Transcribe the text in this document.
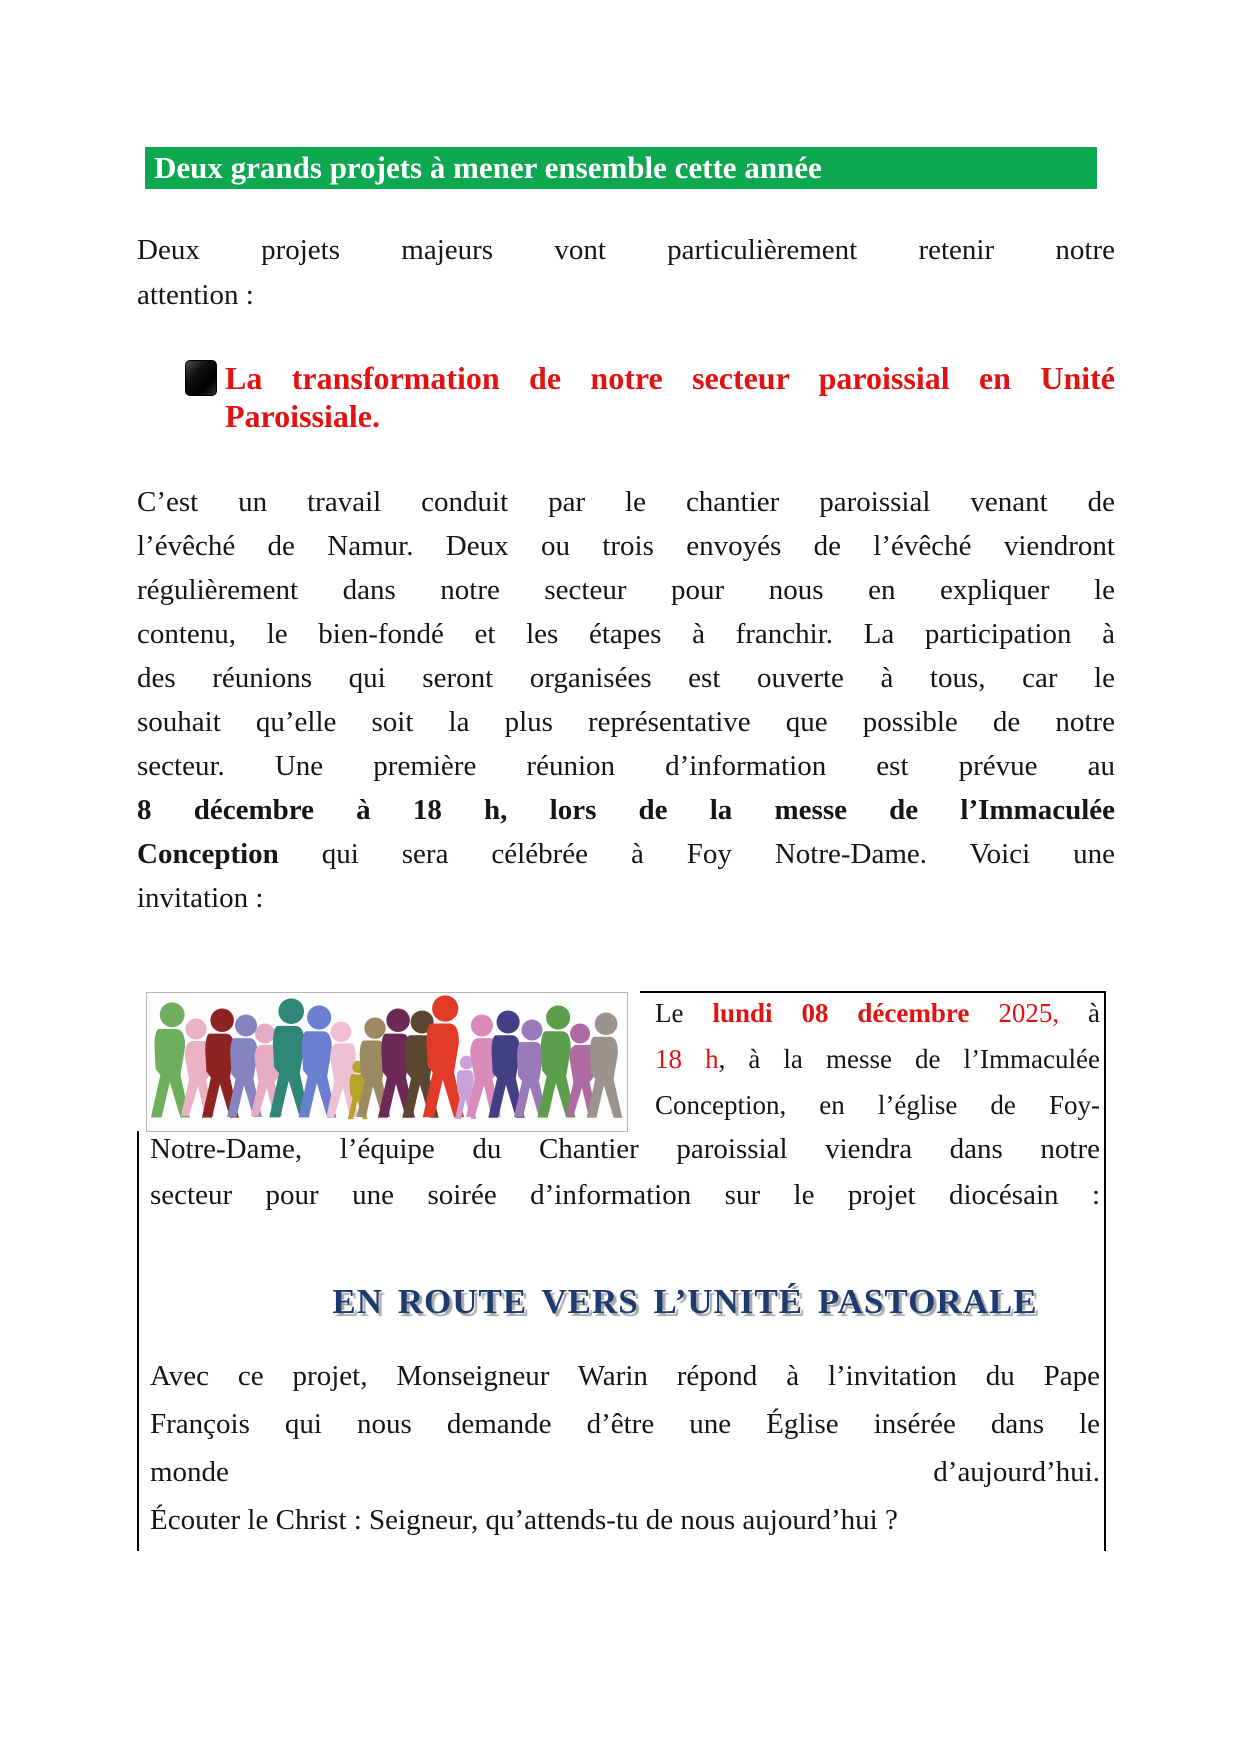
Deux grands projets à mener ensemble cette année
Deux projets majeurs vont particulièrement retenir notre
attention :
La transformation de notre secteur paroissial en Unité
Paroissiale.
C’est un travail conduit par le chantier paroissial venant de
l’évêché de Namur. Deux ou trois envoyés de l’évêché viendront
régulièrement dans notre secteur pour nous en expliquer le
contenu, le bien-fondé et les étapes à franchir. La participation à
des réunions qui seront organisées est ouverte à tous, car le
souhait qu’elle soit la plus représentative que possible de notre
secteur. Une première réunion d’information est prévue au
8 décembre à 18 h, lors de la messe de l’Immaculée
Conception qui sera célébrée à Foy Notre-Dame. Voici une
invitation :
Le lundi 08 décembre 2025, à
18 h, à la messe de l’Immaculée
Conception, en l’église de Foy-
Notre-Dame, l’équipe du Chantier paroissial viendra dans notre
secteur pour une soirée d’information sur le projet diocésain :
EN ROUTE VERS L’UNITÉ PASTORALE
Avec ce projet, Monseigneur Warin répond à l’invitation du Pape
François qui nous demande d’être une Église insérée dans le
monde d’aujourd’hui.
Écouter le Christ : Seigneur, qu’attends-tu de nous aujourd’hui ?
